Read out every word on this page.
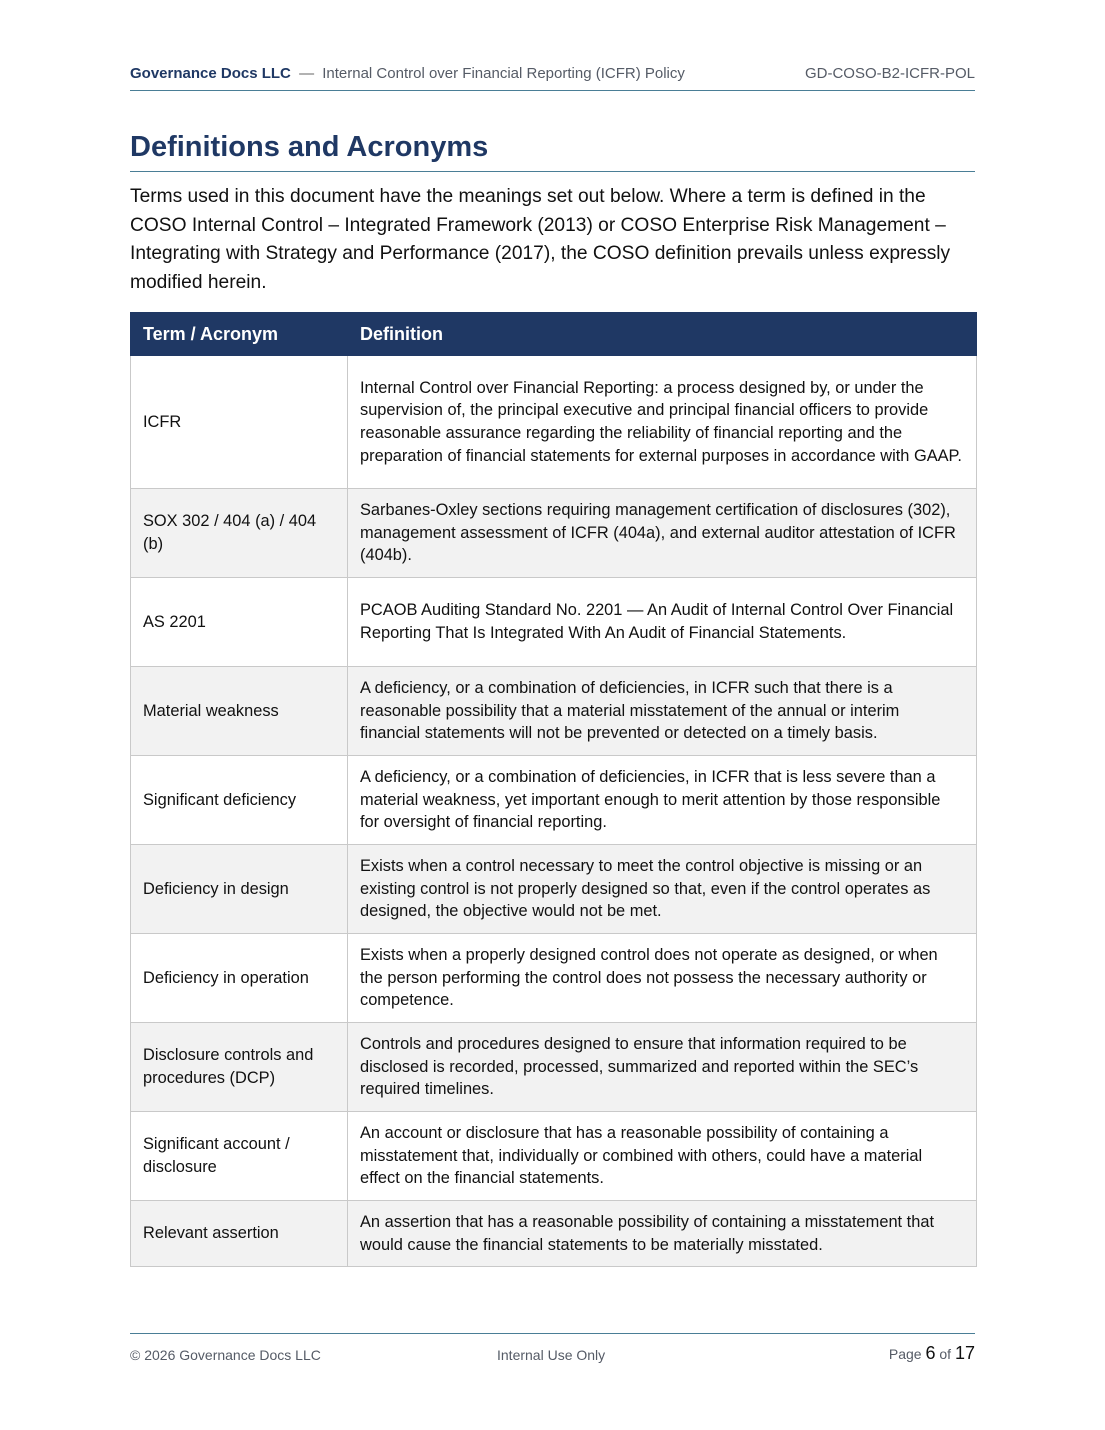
Governance Docs LLC — Internal Control over Financial Reporting (ICFR) Policy	GD-COSO-B2-ICFR-POL
Definitions and Acronyms

Terms used in this document have the meanings set out below. Where a term is defined in the COSO Internal Control – Integrated Framework (2013) or COSO Enterprise Risk Management – Integrating with Strategy and Performance (2017), the COSO definition prevails unless expressly modified herein.

Term / Acronym	Definition
ICFR	Internal Control over Financial Reporting: a process designed by, or under the supervision of, the principal executive and principal financial officers to provide reasonable assurance regarding the reliability of financial reporting and the preparation of financial statements for external purposes in accordance with GAAP.
SOX 302 / 404 (a) / 404 (b)	Sarbanes-Oxley sections requiring management certification of disclosures (302), management assessment of ICFR (404a), and external auditor attestation of ICFR (404b).
AS 2201	PCAOB Auditing Standard No. 2201 — An Audit of Internal Control Over Financial Reporting That Is Integrated With An Audit of Financial Statements.
Material weakness	A deficiency, or a combination of deficiencies, in ICFR such that there is a reasonable possibility that a material misstatement of the annual or interim financial statements will not be prevented or detected on a timely basis.
Significant deficiency	A deficiency, or a combination of deficiencies, in ICFR that is less severe than a material weakness, yet important enough to merit attention by those responsible for oversight of financial reporting.
Deficiency in design	Exists when a control necessary to meet the control objective is missing or an existing control is not properly designed so that, even if the control operates as designed, the objective would not be met.
Deficiency in operation	Exists when a properly designed control does not operate as designed, or when the person performing the control does not possess the necessary authority or competence.
Disclosure controls and procedures (DCP)	Controls and procedures designed to ensure that information required to be disclosed is recorded, processed, summarized and reported within the SEC’s required timelines.
Significant account / disclosure	An account or disclosure that has a reasonable possibility of containing a misstatement that, individually or combined with others, could have a material effect on the financial statements.
Relevant assertion	An assertion that has a reasonable possibility of containing a misstatement that would cause the financial statements to be materially misstated.
© 2026 Governance Docs LLC	Internal Use Only	Page 6 of 17
